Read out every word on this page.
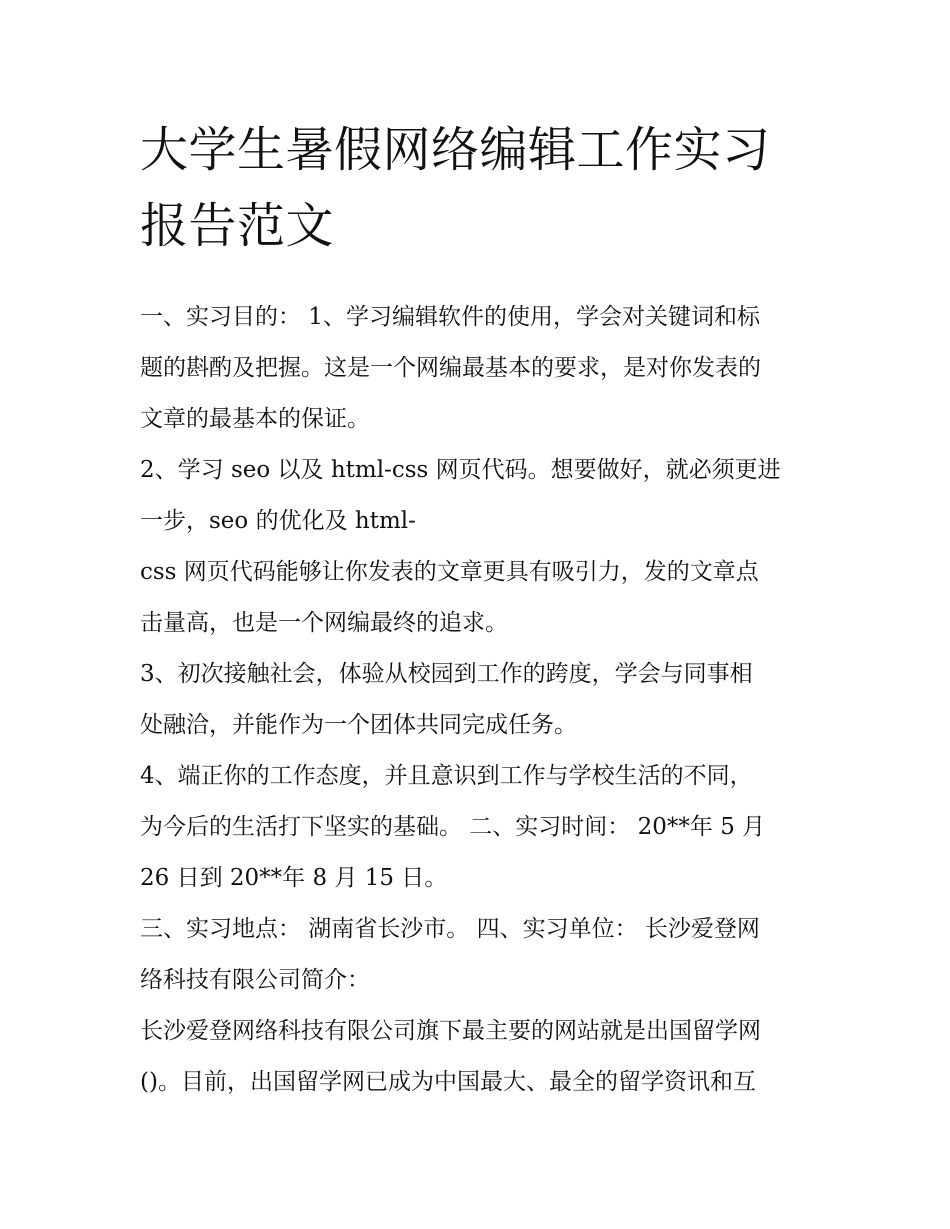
大学生暑假网络编辑工作实习
报告范文
一、实习目的： 1、学习编辑软件的使用，学会对关键词和标
题的斟酌及把握。这是一个网编最基本的要求，是对你发表的
文章的最基本的保证。
2、学习 seo 以及 html-css 网页代码。想要做好，就必须更进
一步，seo 的优化及 html-
css 网页代码能够让你发表的文章更具有吸引力，发的文章点
击量高，也是一个网编最终的追求。
3、初次接触社会，体验从校园到工作的跨度，学会与同事相
处融洽，并能作为一个团体共同完成任务。
4、端正你的工作态度，并且意识到工作与学校生活的不同，
为今后的生活打下坚实的基础。 二、实习时间： 20**年 5 月
26 日到 20**年 8 月 15 日。
三、实习地点： 湖南省长沙市。 四、实习单位： 长沙爱登网
络科技有限公司简介：
长沙爱登网络科技有限公司旗下最主要的网站就是出国留学网
()。目前，出国留学网已成为中国最大、最全的留学资讯和互
